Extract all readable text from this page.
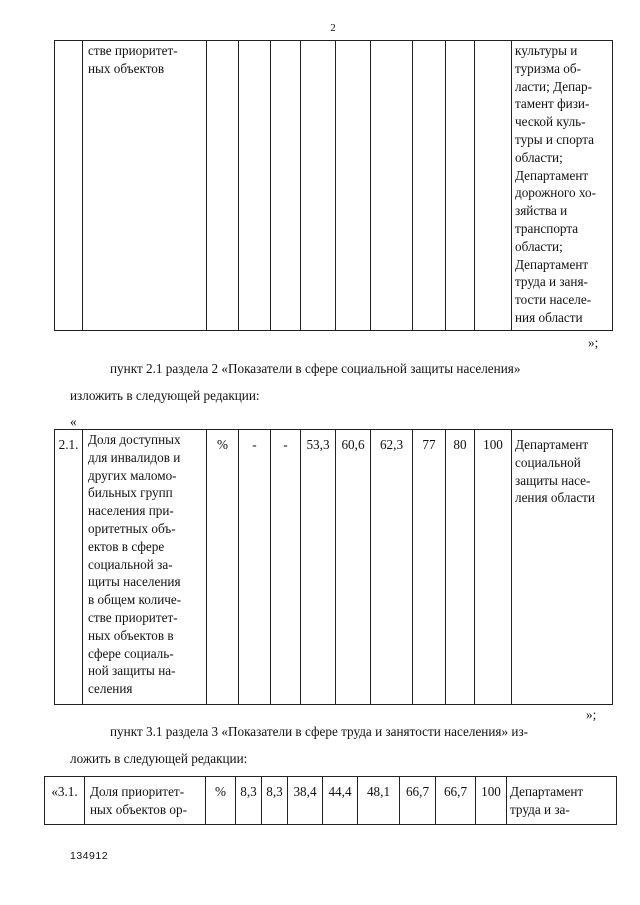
2
	стве приоритет-
ных объектов										культуры и
туризма об-
ласти; Депар-
тамент физи-
ческой куль-
туры и спорта
области;
Департамент
дорожного хо-
зяйства и
транспорта
области;
Департамент
труда и заня-
тости населе-
ния области
»;
пункт 2.1 раздела 2 «Показатели в сфере социальной защиты населения»
изложить в следующей редакции:
«
2.1.	Доля доступных
для инвалидов и
других маломо-
бильных групп
населения при-
оритетных объ-
ектов в сфере
социальной за-
щиты населения
в общем количе-
стве приоритет-
ных объектов в
сфере социаль-
ной защиты на-
селения	%	-	-	53,3	60,6	62,3	77	80	100	Департамент
социальной
защиты насе-
ления области
»;
пункт 3.1 раздела 3 «Показатели в сфере труда и занятости населения» из-
ложить в следующей редакции:
«3.1.	Доля приоритет-
ных объектов ор-	%	8,3	8,3	38,4	44,4	48,1	66,7	66,7	100	Департамент
труда и за-
134912
